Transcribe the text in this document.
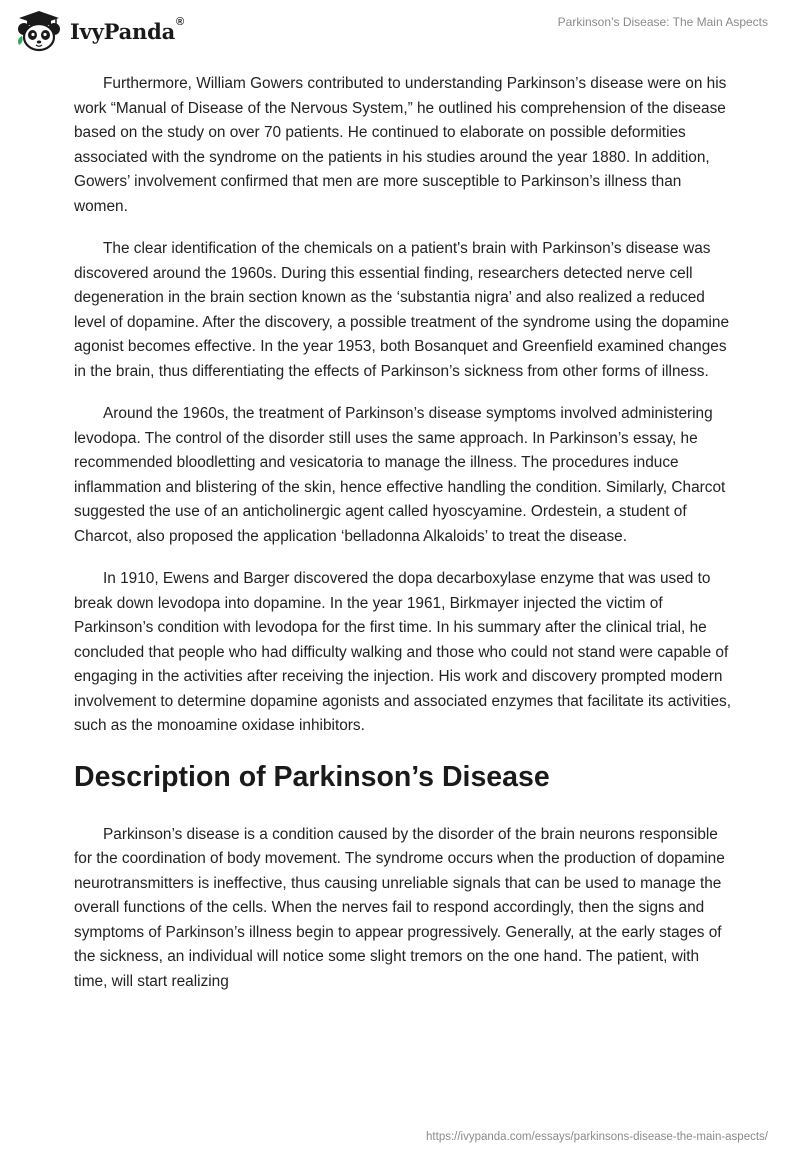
IvyPanda®	Parkinson’s Disease: The Main Aspects

Furthermore, William Gowers contributed to understanding Parkinson’s disease were on his work “Manual of Disease of the Nervous System,” he outlined his comprehension of the disease based on the study on over 70 patients. He continued to elaborate on possible deformities associated with the syndrome on the patients in his studies around the year 1880. In addition, Gowers’ involvement confirmed that men are more susceptible to Parkinson’s illness than women.

The clear identification of the chemicals on a patient's brain with Parkinson’s disease was discovered around the 1960s. During this essential finding, researchers detected nerve cell degeneration in the brain section known as the ‘substantia nigra’ and also realized a reduced level of dopamine. After the discovery, a possible treatment of the syndrome using the dopamine agonist becomes effective. In the year 1953, both Bosanquet and Greenfield examined changes in the brain, thus differentiating the effects of Parkinson’s sickness from other forms of illness.

Around the 1960s, the treatment of Parkinson’s disease symptoms involved administering levodopa. The control of the disorder still uses the same approach. In Parkinson’s essay, he recommended bloodletting and vesicatoria to manage the illness. The procedures induce inflammation and blistering of the skin, hence effective handling the condition. Similarly, Charcot suggested the use of an anticholinergic agent called hyoscyamine. Ordestein, a student of Charcot, also proposed the application ‘belladonna Alkaloids’ to treat the disease.

In 1910, Ewens and Barger discovered the dopa decarboxylase enzyme that was used to break down levodopa into dopamine. In the year 1961, Birkmayer injected the victim of Parkinson’s condition with levodopa for the first time. In his summary after the clinical trial, he concluded that people who had difficulty walking and those who could not stand were capable of engaging in the activities after receiving the injection. His work and discovery prompted modern involvement to determine dopamine agonists and associated enzymes that facilitate its activities, such as the monoamine oxidase inhibitors.

Description of Parkinson’s Disease

Parkinson’s disease is a condition caused by the disorder of the brain neurons responsible for the coordination of body movement. The syndrome occurs when the production of dopamine neurotransmitters is ineffective, thus causing unreliable signals that can be used to manage the overall functions of the cells. When the nerves fail to respond accordingly, then the signs and symptoms of Parkinson’s illness begin to appear progressively. Generally, at the early stages of the sickness, an individual will notice some slight tremors on the one hand. The patient, with time, will start realizing

https://ivypanda.com/essays/parkinsons-disease-the-main-aspects/
